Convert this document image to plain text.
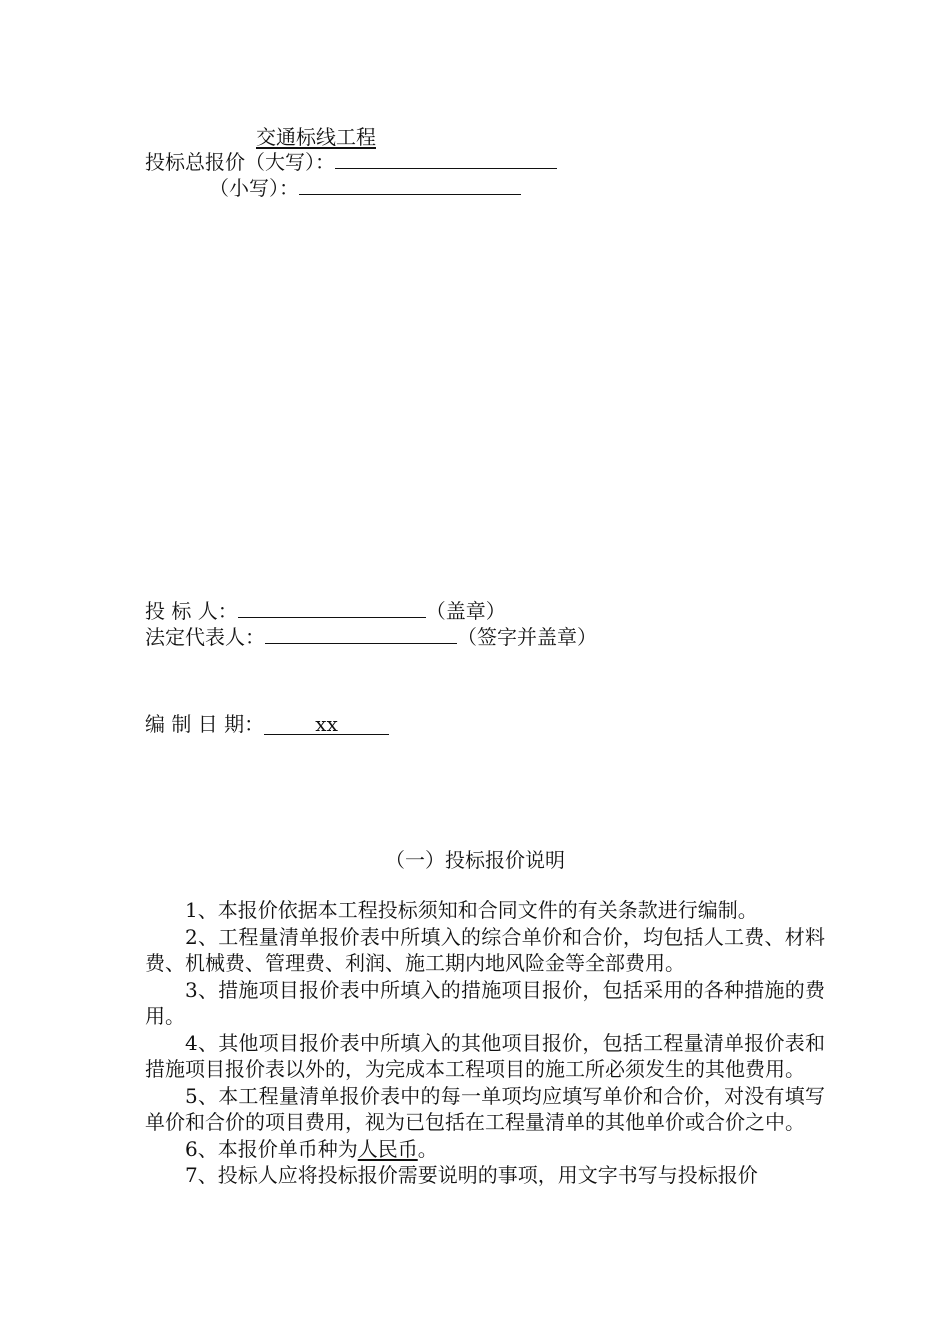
交通标线工程
投标总报价（大写）：
（小写）：
投 标 人：	（盖章）
法定代表人：	（签字并盖章）
编 制 日 期：	xx
（一）投标报价说明

1、本报价依据本工程投标须知和合同文件的有关条款进行编制。

2、工程量清单报价表中所填入的综合单价和合价，均包括人工费、材料费、机械费、管理费、利润、施工期内地风险金等全部费用。

3、措施项目报价表中所填入的措施项目报价，包括采用的各种措施的费用。

4、其他项目报价表中所填入的其他项目报价，包括工程量清单报价表和措施项目报价表以外的，为完成本工程项目的施工所必须发生的其他费用。

5、本工程量清单报价表中的每一单项均应填写单价和合价，对没有填写单价和合价的项目费用，视为已包括在工程量清单的其他单价或合价之中。

6、本报价单币种为人民币。

7、投标人应将投标报价需要说明的事项，用文字书写与投标报价
